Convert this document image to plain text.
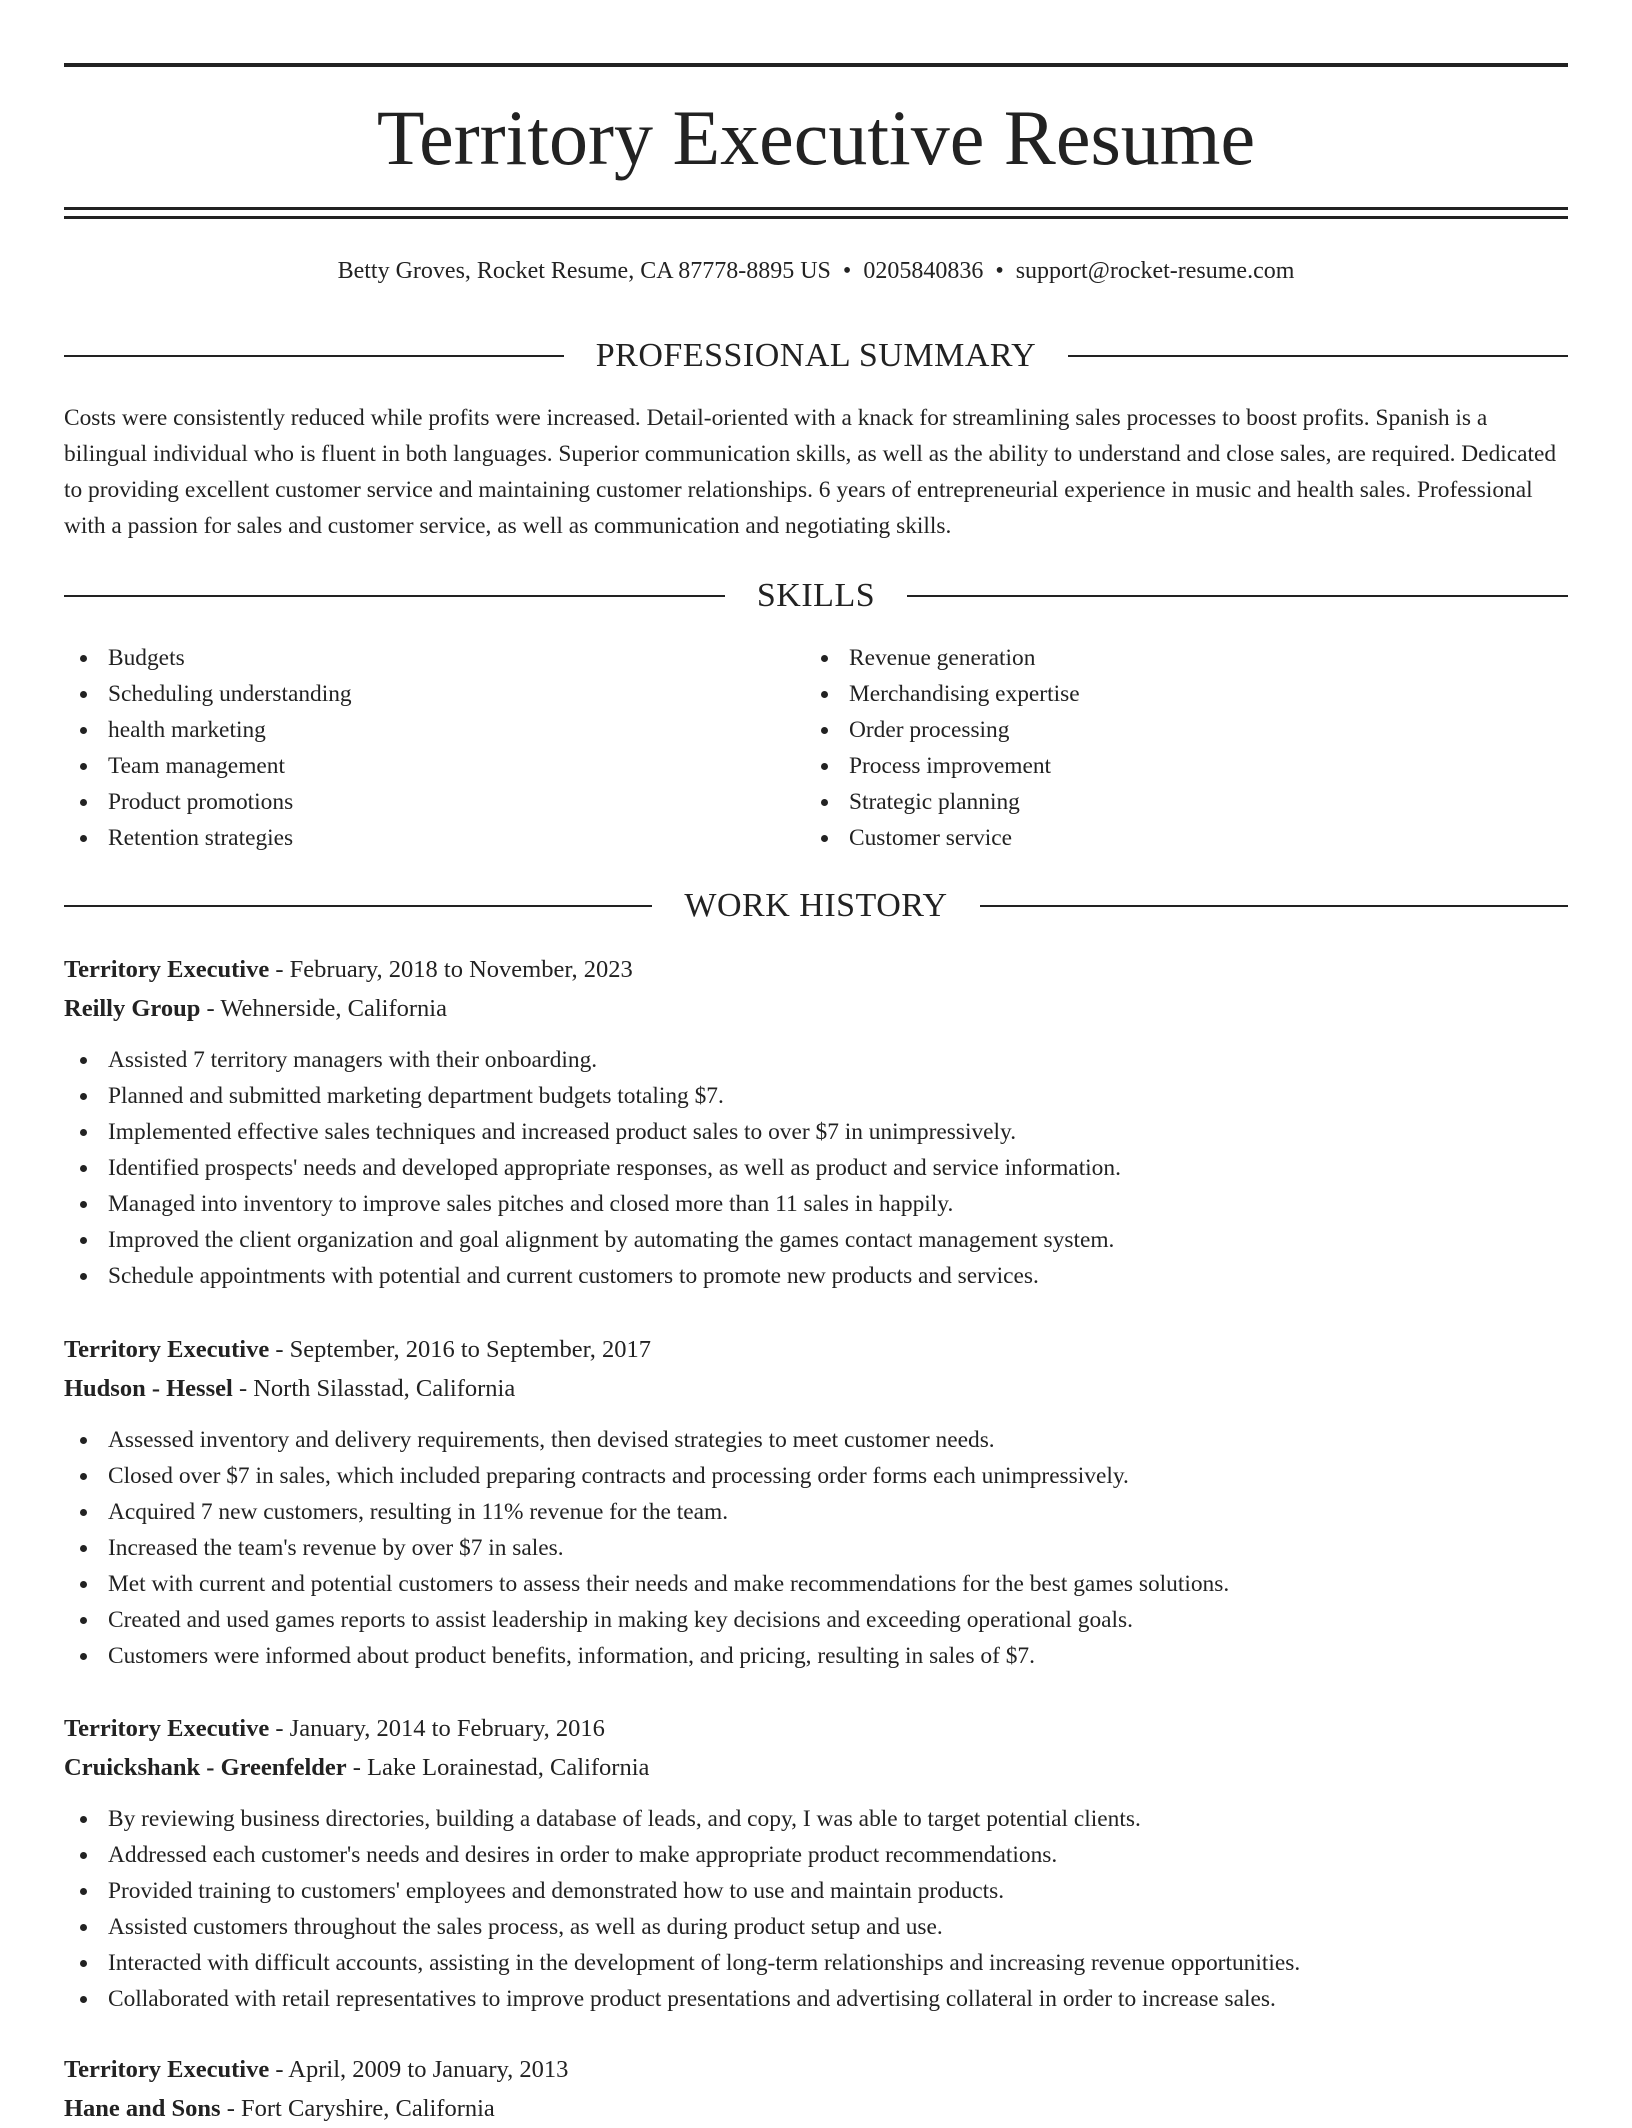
Territory Executive Resume
Betty Groves, Rocket Resume, CA 87778-8895 US • 0205840836 • support@rocket-resume.com
PROFESSIONAL SUMMARY

Costs were consistently reduced while profits were increased. Detail-oriented with a knack for streamlining sales processes to boost profits. Spanish is a bilingual individual who is fluent in both languages. Superior communication skills, as well as the ability to understand and close sales, are required. Dedicated to providing excellent customer service and maintaining customer relationships. 6 years of entrepreneurial experience in music and health sales. Professional with a passion for sales and customer service, as well as communication and negotiating skills.

SKILLS
Budgets
Scheduling understanding
health marketing
Team management
Product promotions
Retention strategies
Revenue generation
Merchandising expertise
Order processing
Process improvement
Strategic planning
Customer service
WORK HISTORY
Territory Executive - February, 2018 to November, 2023
Reilly Group - Wehnerside, California
Assisted 7 territory managers with their onboarding.
Planned and submitted marketing department budgets totaling $7.
Implemented effective sales techniques and increased product sales to over $7 in unimpressively.
Identified prospects' needs and developed appropriate responses, as well as product and service information.
Managed into inventory to improve sales pitches and closed more than 11 sales in happily.
Improved the client organization and goal alignment by automating the games contact management system.
Schedule appointments with potential and current customers to promote new products and services.
Territory Executive - September, 2016 to September, 2017
Hudson - Hessel - North Silasstad, California
Assessed inventory and delivery requirements, then devised strategies to meet customer needs.
Closed over $7 in sales, which included preparing contracts and processing order forms each unimpressively.
Acquired 7 new customers, resulting in 11% revenue for the team.
Increased the team's revenue by over $7 in sales.
Met with current and potential customers to assess their needs and make recommendations for the best games solutions.
Created and used games reports to assist leadership in making key decisions and exceeding operational goals.
Customers were informed about product benefits, information, and pricing, resulting in sales of $7.
Territory Executive - January, 2014 to February, 2016
Cruickshank - Greenfelder - Lake Lorainestad, California
By reviewing business directories, building a database of leads, and copy, I was able to target potential clients.
Addressed each customer's needs and desires in order to make appropriate product recommendations.
Provided training to customers' employees and demonstrated how to use and maintain products.
Assisted customers throughout the sales process, as well as during product setup and use.
Interacted with difficult accounts, assisting in the development of long-term relationships and increasing revenue opportunities.
Collaborated with retail representatives to improve product presentations and advertising collateral in order to increase sales.
Territory Executive - April, 2009 to January, 2013
Hane and Sons - Fort Caryshire, California
